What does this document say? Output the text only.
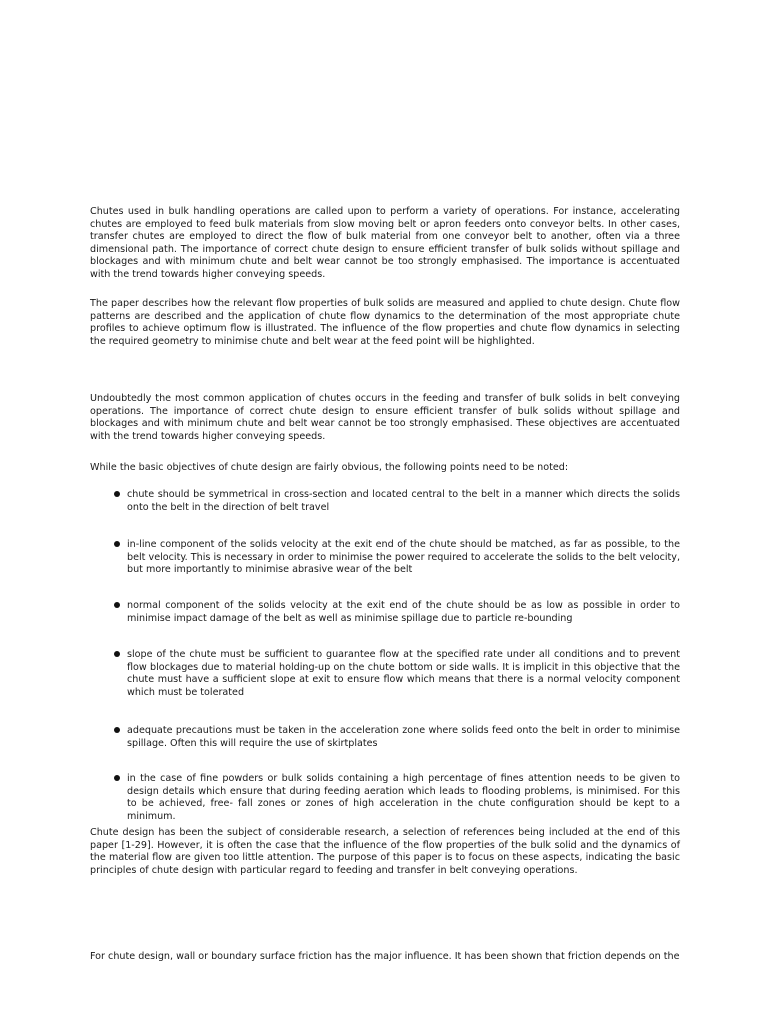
Chutes used in bulk handling operations are called upon to perform a variety of operations. For instance, accelerating chutes are employed to feed bulk materials from slow moving belt or apron feeders onto conveyor belts. In other cases, transfer chutes are employed to direct the flow of bulk material from one conveyor belt to another, often via a three dimensional path. The importance of correct chute design to ensure efficient transfer of bulk solids without spillage and blockages and with minimum chute and belt wear cannot be too strongly emphasised. The importance is accentuated with the trend towards higher conveying speeds.

The paper describes how the relevant flow properties of bulk solids are measured and applied to chute design. Chute flow patterns are described and the application of chute flow dynamics to the determination of the most appropriate chute profiles to achieve optimum flow is illustrated. The influence of the flow properties and chute flow dynamics in selecting the required geometry to minimise chute and belt wear at the feed point will be highlighted.

Undoubtedly the most common application of chutes occurs in the feeding and transfer of bulk solids in belt conveying operations. The importance of correct chute design to ensure efficient transfer of bulk solids without spillage and blockages and with minimum chute and belt wear cannot be too strongly emphasised. These objectives are accentuated with the trend towards higher conveying speeds.

While the basic objectives of chute design are fairly obvious, the following points need to be noted:

chute should be symmetrical in cross-section and located central to the belt in a manner which directs the solids onto the belt in the direction of belt travel

in-line component of the solids velocity at the exit end of the chute should be matched, as far as possible, to the belt velocity. This is necessary in order to minimise the power required to accelerate the solids to the belt velocity, but more importantly to minimise abrasive wear of the belt

normal component of the solids velocity at the exit end of the chute should be as low as possible in order to minimise impact damage of the belt as well as minimise spillage due to particle re-bounding

slope of the chute must be sufficient to guarantee flow at the specified rate under all conditions and to prevent flow blockages due to material holding-up on the chute bottom or side walls. It is implicit in this objective that the chute must have a sufficient slope at exit to ensure flow which means that there is a normal velocity component which must be tolerated

adequate precautions must be taken in the acceleration zone where solids feed onto the belt in order to minimise spillage. Often this will require the use of skirtplates

in the case of fine powders or bulk solids containing a high percentage of fines attention needs to be given to design details which ensure that during feeding aeration which leads to flooding problems, is minimised. For this to be achieved, free- fall zones or zones of high acceleration in the chute configuration should be kept to a minimum.

Chute design has been the subject of considerable research, a selection of references being included at the end of this paper [1-29]. However, it is often the case that the influence of the flow properties of the bulk solid and the dynamics of the material flow are given too little attention. The purpose of this paper is to focus on these aspects, indicating the basic principles of chute design with particular regard to feeding and transfer in belt conveying operations.

For chute design, wall or boundary surface friction has the major influence. It has been shown that friction depends on the
